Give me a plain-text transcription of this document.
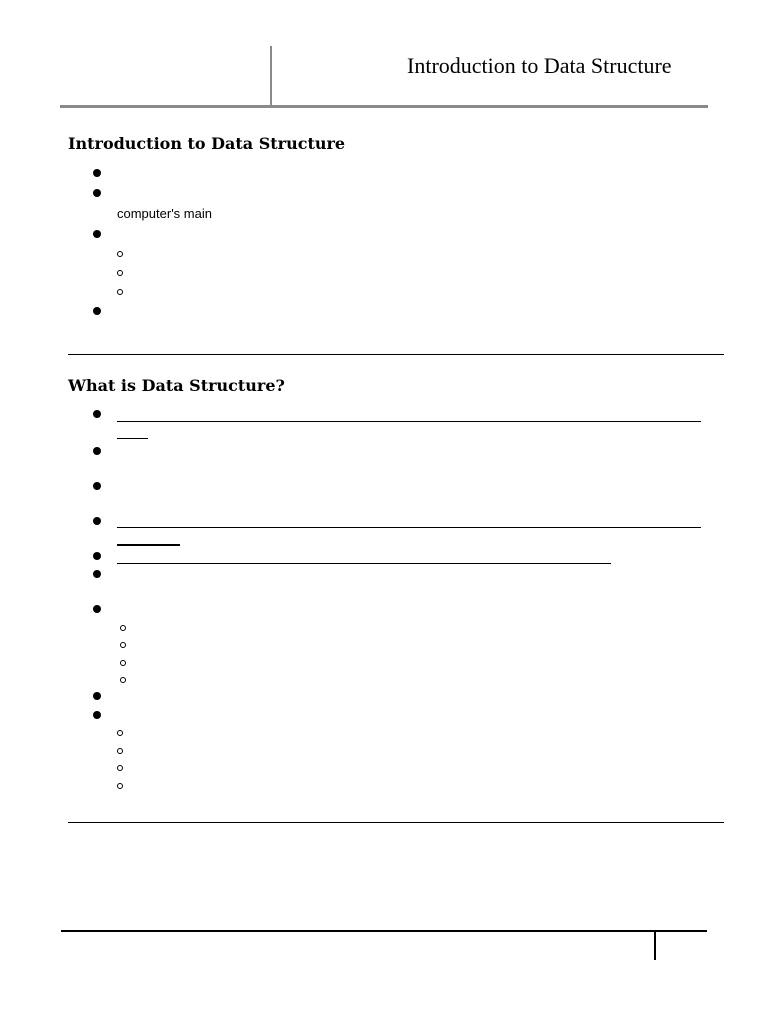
Introduction to Data Structure
Introduction to Data Structure
computer's main
What is Data Structure?
